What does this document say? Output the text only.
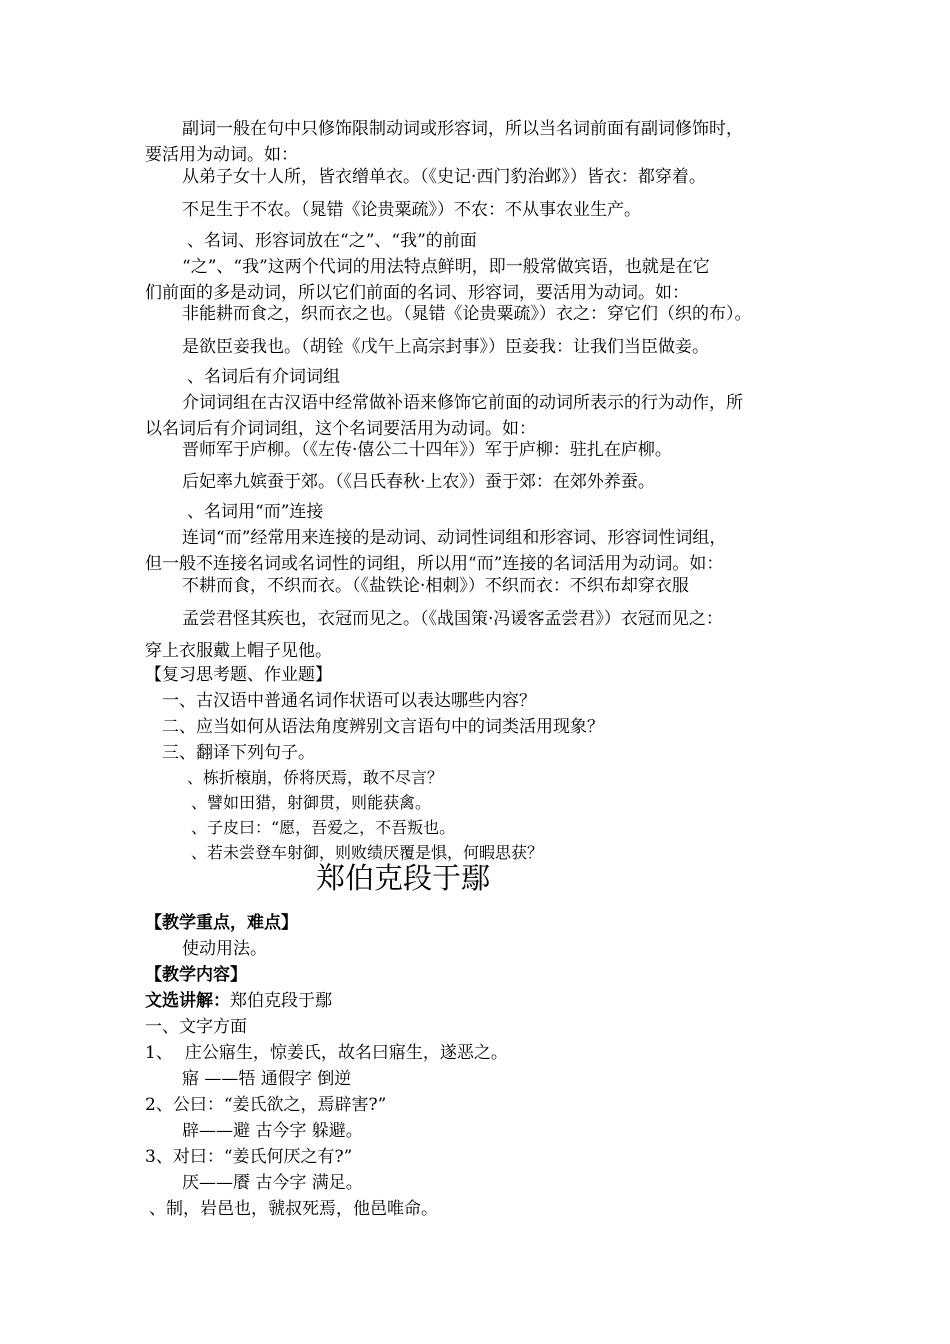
副词一般在句中只修饰限制动词或形容词，所以当名词前面有副词修饰时，

要活用为动词。如：

从弟子女十人所，皆衣缯单衣。（《史记·西门豹治邺》）皆衣：都穿着。

不足生于不农。（晁错《论贵粟疏》）不农：不从事农业生产。

、名词、形容词放在“之”、“我”的前面

“之”、“我”这两个代词的用法特点鲜明，即一般常做宾语，也就是在它

们前面的多是动词，所以它们前面的名词、形容词，要活用为动词。如：

非能耕而食之，织而衣之也。（晁错《论贵粟疏》）衣之：穿它们（织的布）。

是欲臣妾我也。（胡铨《戊午上高宗封事》）臣妾我：让我们当臣做妾。

、名词后有介词词组

介词词组在古汉语中经常做补语来修饰它前面的动词所表示的行为动作，所

以名词后有介词词组，这个名词要活用为动词。如：

晋师军于庐柳。（《左传·僖公二十四年》）军于庐柳：驻扎在庐柳。

后妃率九嫔蚕于郊。（《吕氏春秋·上农》）蚕于郊：在郊外养蚕。

、名词用“而”连接

连词“而”经常用来连接的是动词、动词性词组和形容词、形容词性词组，

但一般不连接名词或名词性的词组，所以用“而”连接的名词活用为动词。如：

不耕而食，不织而衣。（《盐铁论·相刺》）不织而衣：不织布却穿衣服

孟尝君怪其疾也，衣冠而见之。（《战国策·冯谖客孟尝君》）衣冠而见之：

穿上衣服戴上帽子见他。

【复习思考题、作业题】

一、古汉语中普通名词作状语可以表达哪些内容？

二、应当如何从语法角度辨别文言语句中的词类活用现象？

三、翻译下列句子。

、栋折榱崩，侨将厌焉，敢不尽言？

、譬如田猎，射御贯，则能获禽。

、子皮曰：“愿，吾爱之，不吾叛也。

、若未尝登车射御，则败绩厌覆是惧，何暇思获？

郑伯克段于鄢

【教学重点，难点】

使动用法。

【教学内容】

文选讲解：郑伯克段于鄢

一、文字方面

1、 庄公寤生，惊姜氏，故名曰寤生，遂恶之。

寤 ——牾 通假字 倒逆

2、公曰：“姜氏欲之，焉辟害?”

辟——避 古今字 躲避。

3、对曰：“姜氏何厌之有?”

厌——餍 古今字 满足。

、制，岩邑也，虢叔死焉，他邑唯命。
